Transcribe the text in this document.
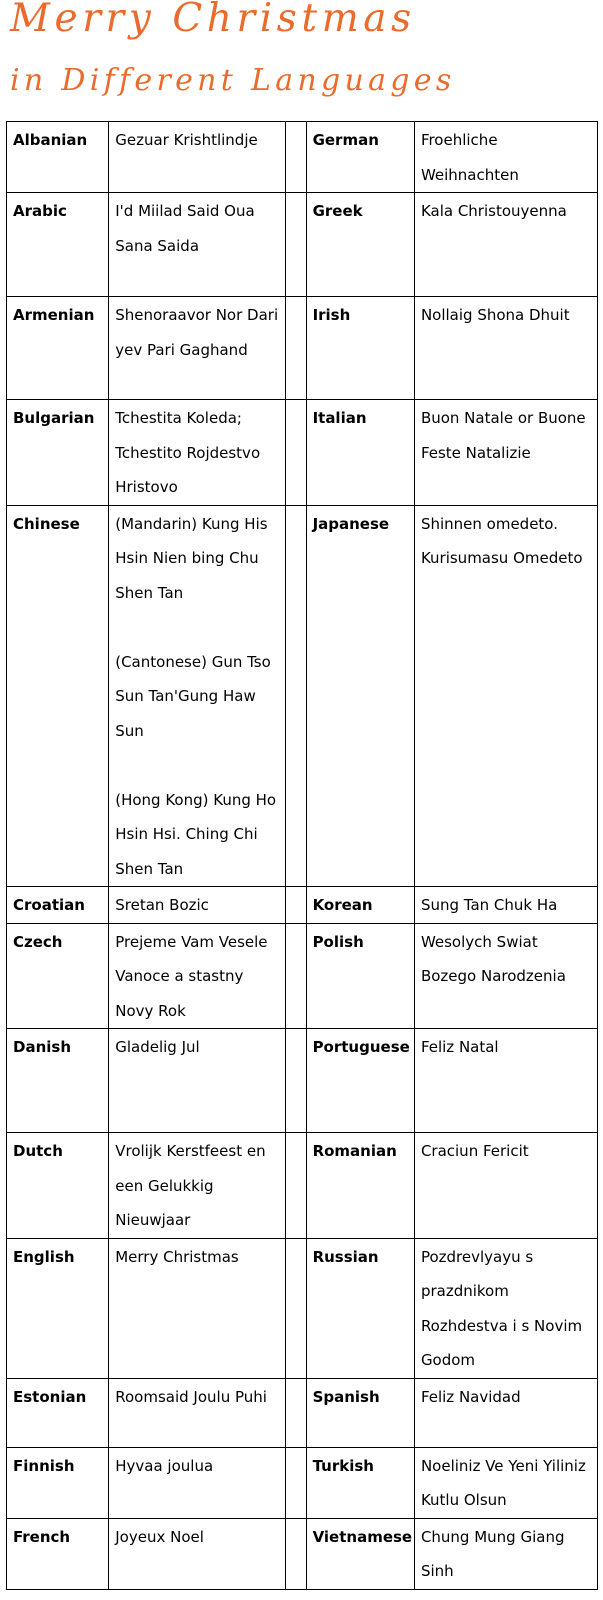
Merry Christmas
in Different Languages
Albanian	Gezuar Krishtlindje		German	Froehliche Weihnachten
Arabic	I'd Miilad Said Oua Sana Saida		Greek	Kala Christouyenna
Armenian	Shenoraavor Nor Dari yev Pari Gaghand		Irish	Nollaig Shona Dhuit
Bulgarian	Tchestita Koleda; Tchestito Rojdestvo Hristovo		Italian	Buon Natale or Buone Feste Natalizie
Chinese	(Mandarin) Kung His Hsin Nien bing Chu Shen Tan
(Cantonese) Gun Tso Sun Tan'Gung Haw Sun
(Hong Kong) Kung Ho Hsin Hsi. Ching Chi Shen Tan		Japanese	Shinnen omedeto. Kurisumasu Omedeto
Croatian	Sretan Bozic		Korean	Sung Tan Chuk Ha
Czech	Prejeme Vam Vesele Vanoce a stastny Novy Rok		Polish	Wesolych Swiat Bozego Narodzenia
Danish	Gladelig Jul		Portuguese	Feliz Natal
Dutch	Vrolijk Kerstfeest en een Gelukkig Nieuwjaar		Romanian	Craciun Fericit
English	Merry Christmas		Russian	Pozdrevlyayu s prazdnikom Rozhdestva i s Novim Godom
Estonian	Roomsaid Joulu Puhi		Spanish	Feliz Navidad
Finnish	Hyvaa joulua		Turkish	Noeliniz Ve Yeni Yiliniz Kutlu Olsun
French	Joyeux Noel		Vietnamese	Chung Mung Giang Sinh
